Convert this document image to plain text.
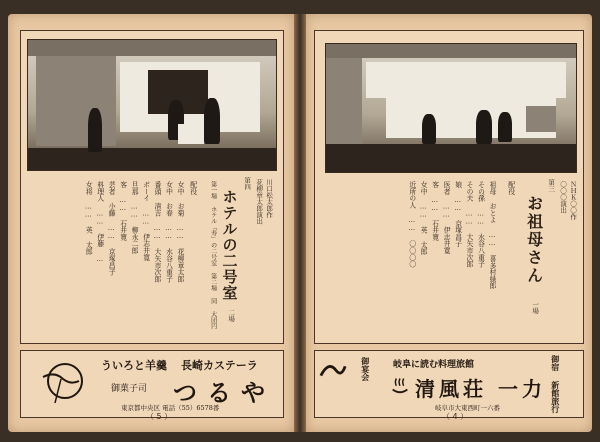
川口松太郎作
花柳章太郎演出
第四
ホテルの二号室
二場
第一場 ホテル「寿」の二号室 第二場 同 大団円
配役
女中 お菊 …… 花柳章太郎
女中 お春 …… 水谷八重子
番頭 清吉 …… 大矢市次郎
ボーイ …… 伊志井寛
旦那 …… 柳永二郎
客 …… 石井寛
芸者 小藤 …… 京塚昌子
料理人 …… 伊藤 …
女将 …… 英 太郎
ういろと羊羹 長崎カステーラ
御菓子司 つるや
東京都中央区 電話（55）6578番
（ 5 ）
ＮＨＫ〇〇作
〇〇〇演出
第三
お祖母さん
一場
配役
祖母 おとよ …… 喜多村緑郎
その孫 …… 水谷八重子
その夫 …… 大矢市次郎
娘 …… 京塚昌子
医者 …… 伊志井寛
客 …… 石井寛
女中 …… 英 太郎
近所の人 …… 〇〇〇〇
御宴会 岐阜に読む料理旅館
清風荘 一力
岐阜市大東西町一六番	御宿 新館旅行
（ 4 ）
